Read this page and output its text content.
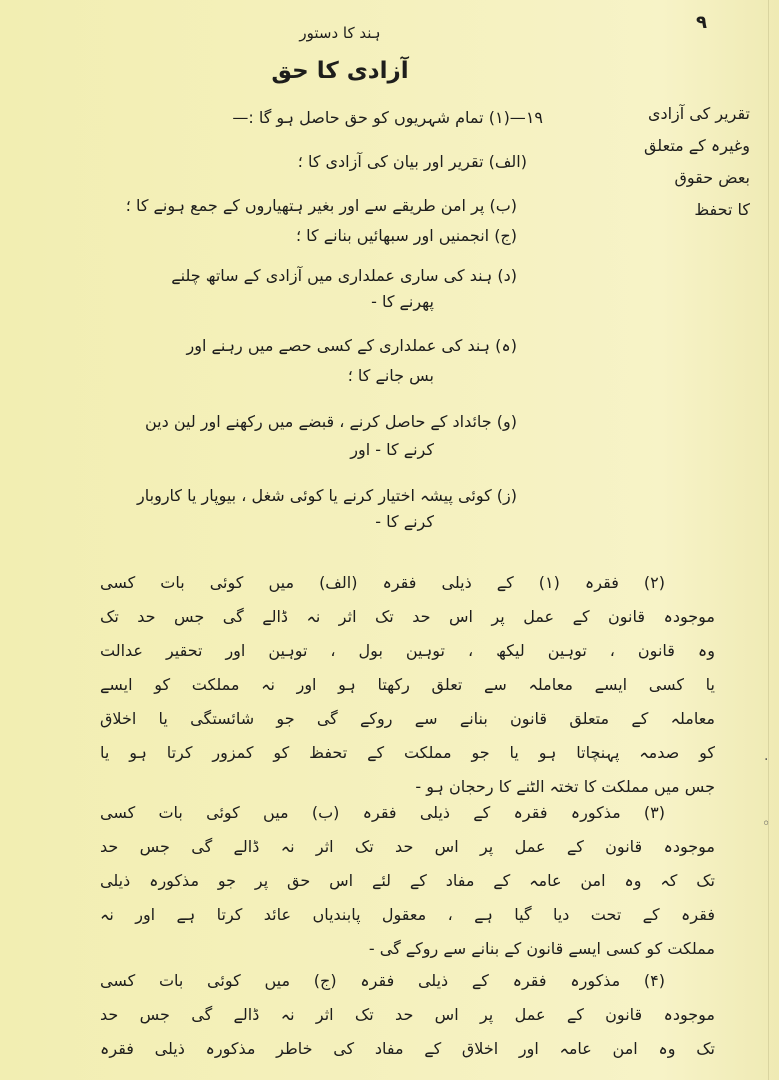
۹
ہند کا دستور
آزادی کا حق
تقریر کی آزادی
وغیرہ کے متعلق
بعض حقوق
کا تحفظ
۱۹—(۱) تمام شہریوں کو حق حاصل ہو گا :—
(الف) تقریر اور بیان کی آزادی کا ؛
(ب) پر امن طریقے سے اور بغیر ہتھیاروں کے جمع ہونے کا ؛
(ج) انجمنیں اور سبھائیں بنانے کا ؛
(د) ہند کی ساری عملداری میں آزادی کے ساتھ چلنے
پھرنے کا -
(ہ) ہند کی عملداری کے کسی حصے میں رہنے اور
بس جانے کا ؛
(و) جائداد کے حاصل کرنے ، قبضے میں رکھنے اور لین دین
کرنے کا - اور
(ز) کوئی پیشہ اختیار کرنے یا کوئی شغل ، بیوپار یا کاروبار
کرنے کا -

(۲) فقرہ (۱) کے ذیلی فقرہ (الف) میں کوئی بات کسی

موجودہ قانون کے عمل پر اس حد تک اثر نہ ڈالے گی جس حد تک

وہ قانون ، توہین لیکھ ، توہین بول ، توہین اور تحقیر عدالت

یا کسی ایسے معاملہ سے تعلق رکھتا ہو اور نہ مملکت کو ایسے

معاملہ کے متعلق قانون بنانے سے روکے گی جو شائستگی یا اخلاق

کو صدمہ پہنچاتا ہو یا جو مملکت کے تحفظ کو کمزور کرتا ہو یا

جس میں مملکت کا تختہ الٹنے کا رحجان ہو -

(۳) مذکورہ فقرہ کے ذیلی فقرہ (ب) میں کوئی بات کسی

موجودہ قانون کے عمل پر اس حد تک اثر نہ ڈالے گی جس حد

تک کہ وہ امن عامہ کے مفاد کے لئے اس حق پر جو مذکورہ ذیلی

فقرہ کے تحت دیا گیا ہے ، معقول پابندیاں عائد کرتا ہے اور نہ

مملکت کو کسی ایسے قانون کے بنانے سے روکے گی -

(۴) مذکورہ فقرہ کے ذیلی فقرہ (ج) میں کوئی بات کسی

موجودہ قانون کے عمل پر اس حد تک اثر نہ ڈالے گی جس حد

تک وہ امن عامہ اور اخلاق کے مفاد کی خاطر مذکورہ ذیلی فقرہ

·
◦
